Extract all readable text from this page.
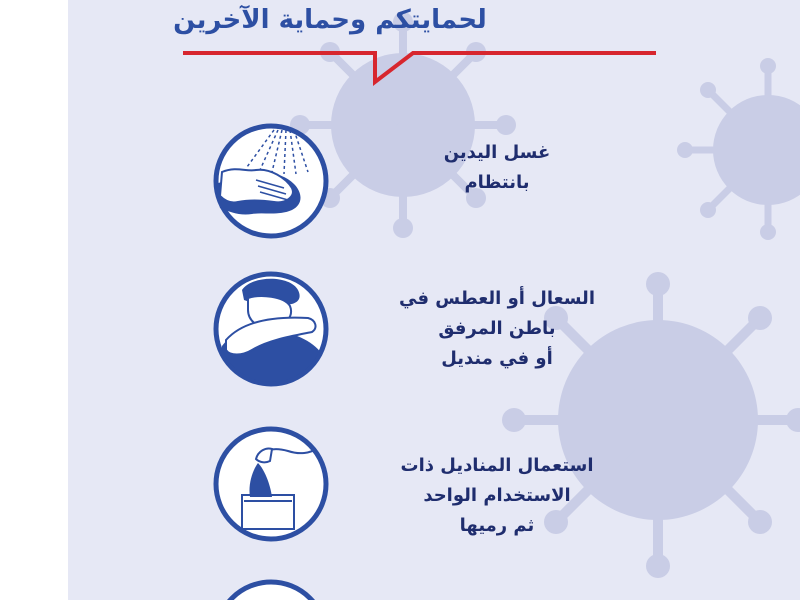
لحمايتكم وحماية الآخرين
غسل اليدين
بانتظام
السعال أو العطس في
باطن المرفق
أو في منديل
استعمال المناديل ذات
الاستخدام الواحد
ثم رميها
